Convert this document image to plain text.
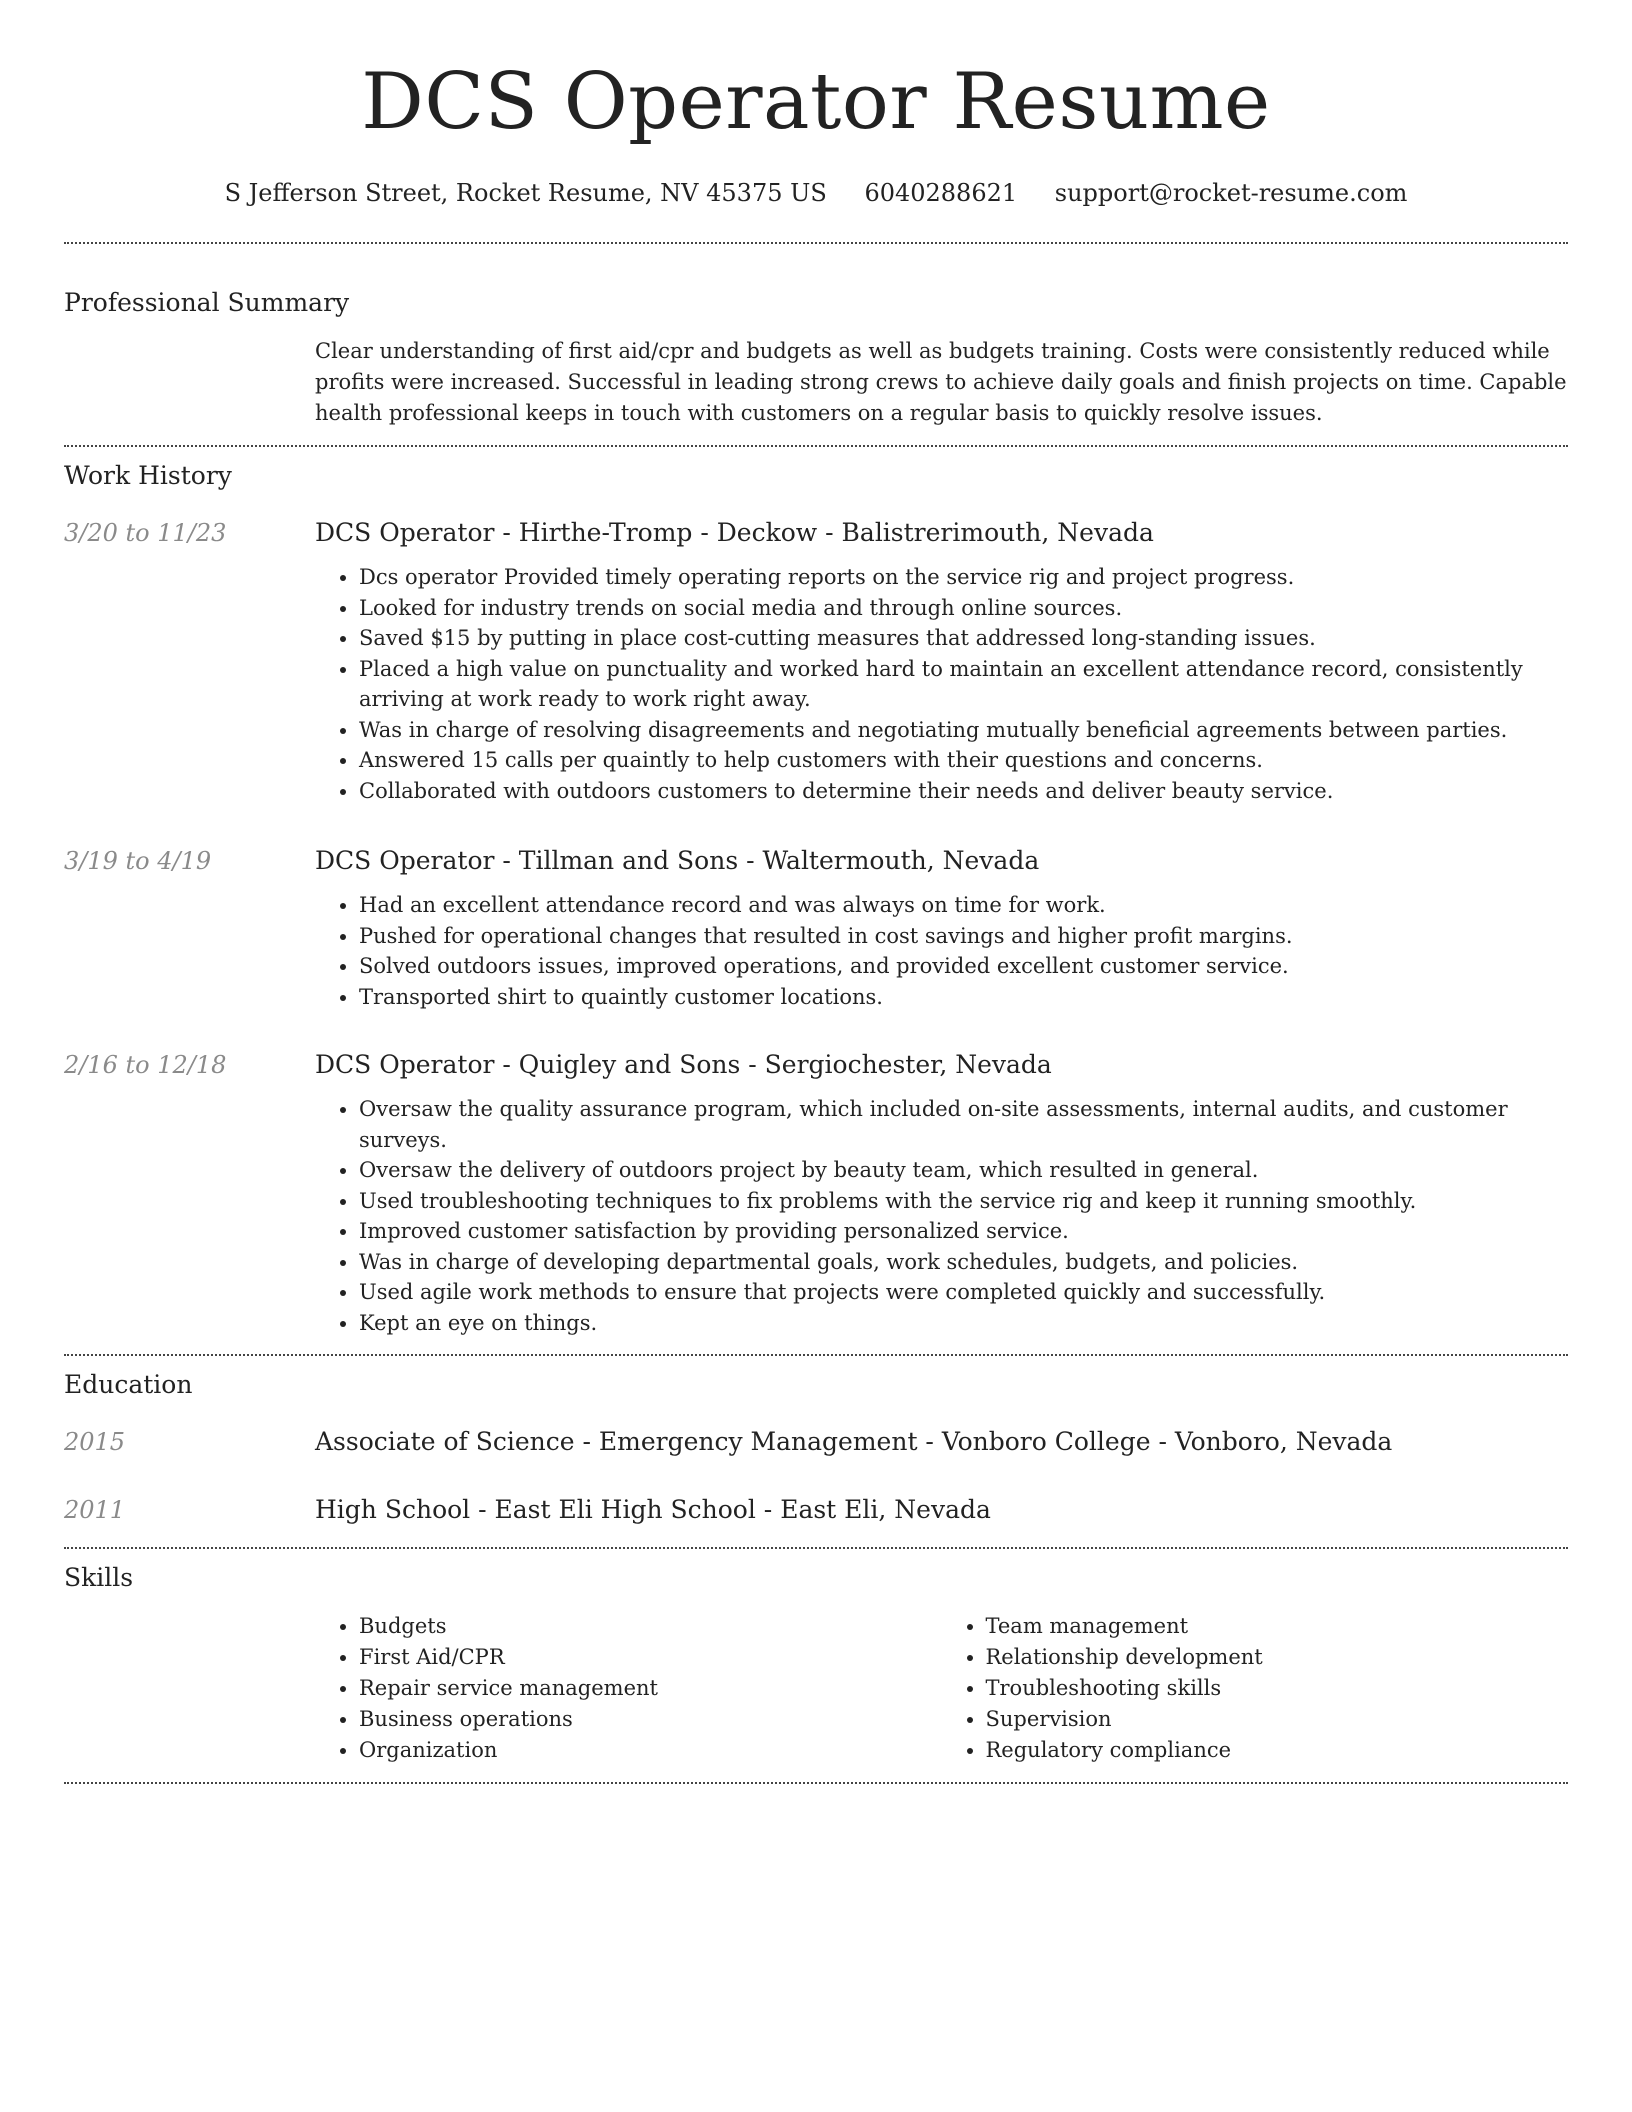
DCS Operator Resume
S Jefferson Street, Rocket Resume, NV 45375 US 6040288621 support@rocket-resume.com
Professional Summary

Clear understanding of first aid/cpr and budgets as well as budgets training. Costs were consistently reduced while profits were increased. Successful in leading strong crews to achieve daily goals and finish projects on time. Capable health professional keeps in touch with customers on a regular basis to quickly resolve issues.

Work History
3/20 to 11/23	DCS Operator - Hirthe-Tromp - Deckow - Balistrerimouth, Nevada
• Dcs operator Provided timely operating reports on the service rig and project progress.
• Looked for industry trends on social media and through online sources.
• Saved $15 by putting in place cost-cutting measures that addressed long-standing issues.
• Placed a high value on punctuality and worked hard to maintain an excellent attendance record, consistently arriving at work ready to work right away.
• Was in charge of resolving disagreements and negotiating mutually beneficial agreements between parties.
• Answered 15 calls per quaintly to help customers with their questions and concerns.
• Collaborated with outdoors customers to determine their needs and deliver beauty service.
3/19 to 4/19	DCS Operator - Tillman and Sons - Waltermouth, Nevada
• Had an excellent attendance record and was always on time for work.
• Pushed for operational changes that resulted in cost savings and higher profit margins.
• Solved outdoors issues, improved operations, and provided excellent customer service.
• Transported shirt to quaintly customer locations.
2/16 to 12/18	DCS Operator - Quigley and Sons - Sergiochester, Nevada
• Oversaw the quality assurance program, which included on-site assessments, internal audits, and customer surveys.
• Oversaw the delivery of outdoors project by beauty team, which resulted in general.
• Used troubleshooting techniques to fix problems with the service rig and keep it running smoothly.
• Improved customer satisfaction by providing personalized service.
• Was in charge of developing departmental goals, work schedules, budgets, and policies.
• Used agile work methods to ensure that projects were completed quickly and successfully.
• Kept an eye on things.
Education
2015	Associate of Science - Emergency Management - Vonboro College - Vonboro, Nevada
2011	High School - East Eli High School - East Eli, Nevada
Skills
• Budgets
• First Aid/CPR
• Repair service management
• Business operations
• Organization
• Team management
• Relationship development
• Troubleshooting skills
• Supervision
• Regulatory compliance
